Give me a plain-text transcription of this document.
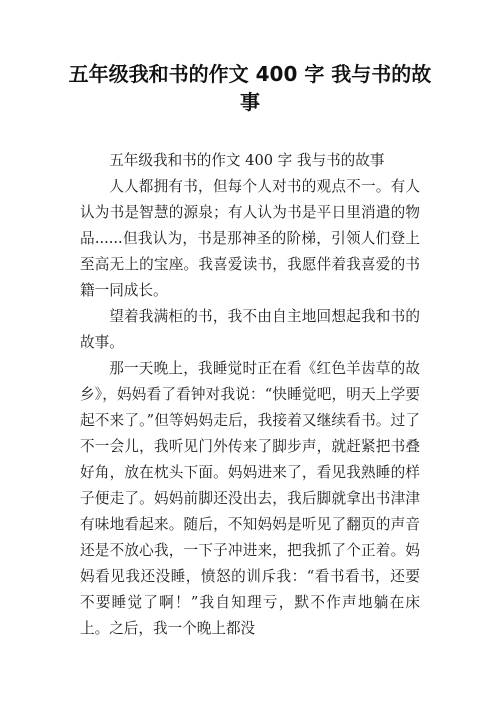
五年级我和书的作文 400 字 我与书的故事

五年级我和书的作文 400 字 我与书的故事

人人都拥有书，但每个人对书的观点不一。有人认为书是智慧的源泉；有人认为书是平日里消遣的物品......但我认为，书是那神圣的阶梯，引领人们登上至高无上的宝座。我喜爱读书，我愿伴着我喜爱的书籍一同成长。

望着我满柜的书，我不由自主地回想起我和书的故事。

那一天晚上，我睡觉时正在看《红色羊齿草的故乡》，妈妈看了看钟对我说：“快睡觉吧，明天上学要起不来了。”但等妈妈走后，我接着又继续看书。过了不一会儿，我听见门外传来了脚步声，就赶紧把书叠好角，放在枕头下面。妈妈进来了，看见我熟睡的样子便走了。妈妈前脚还没出去，我后脚就拿出书津津有味地看起来。随后，不知妈妈是听见了翻页的声音还是不放心我，一下子冲进来，把我抓了个正着。妈妈看见我还没睡，愤怒的训斥我：“看书看书，还要不要睡觉了啊！”我自知理亏，默不作声地躺在床上。之后，我一个晚上都没
